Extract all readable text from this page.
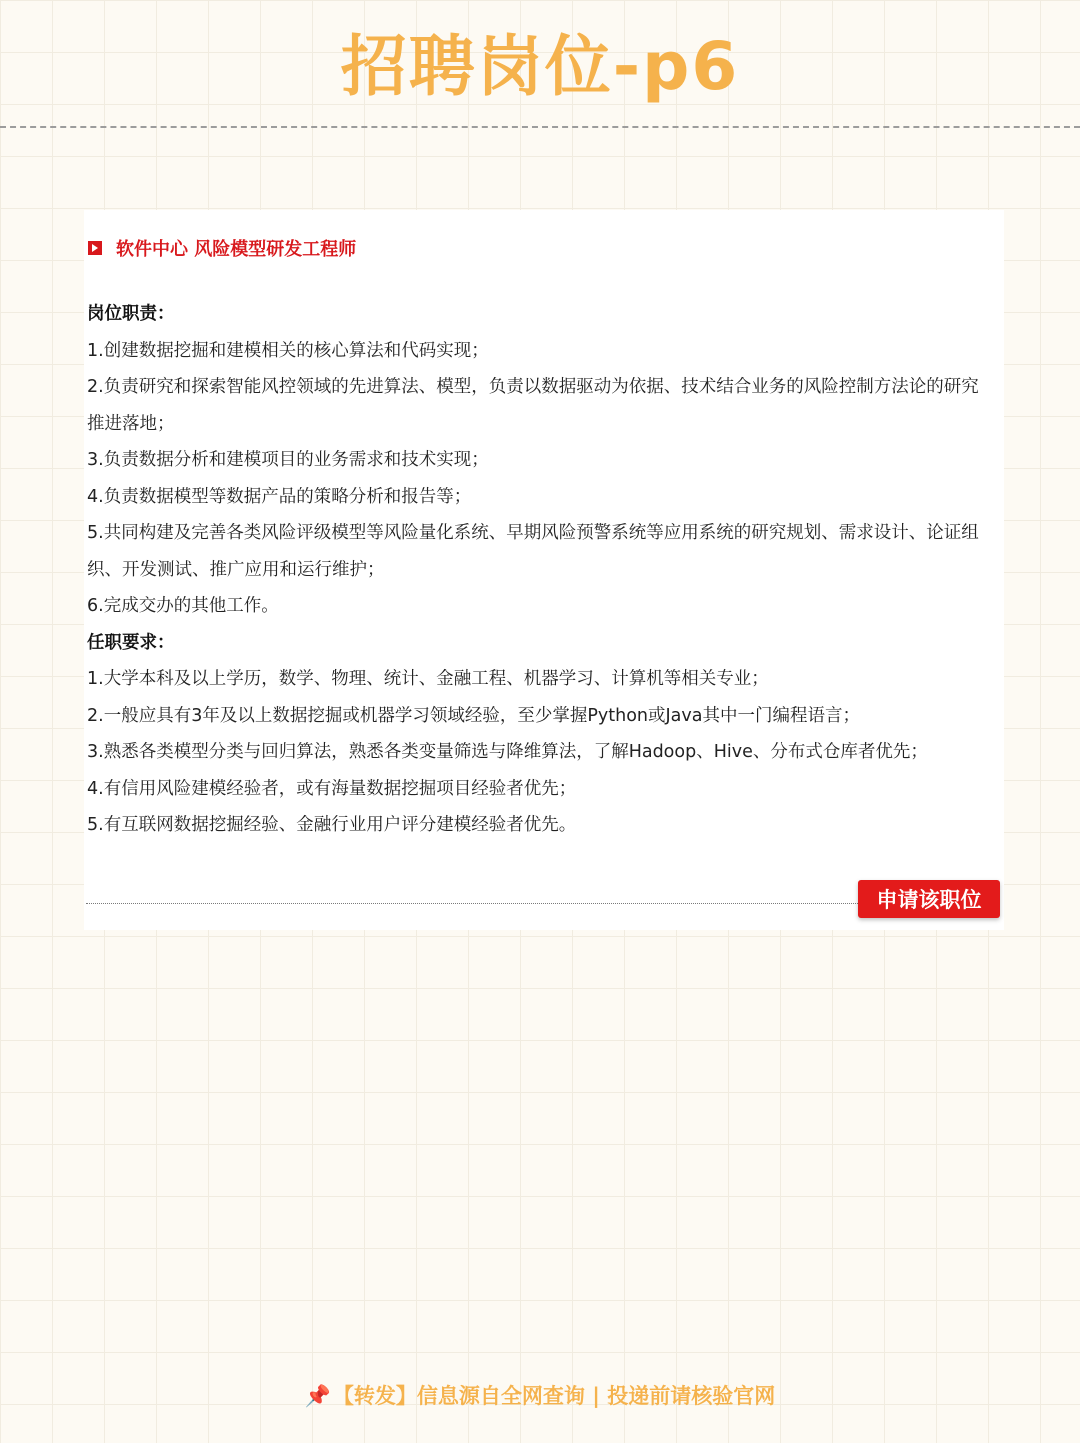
招聘岗位-p6
软件中心 风险模型研发工程师

岗位职责：

1.创建数据挖掘和建模相关的核心算法和代码实现；

2.负责研究和探索智能风控领域的先进算法、模型，负责以数据驱动为依据、技术结合业务的风险控制方法论的研究推进落地；

3.负责数据分析和建模项目的业务需求和技术实现；

4.负责数据模型等数据产品的策略分析和报告等；

5.共同构建及完善各类风险评级模型等风险量化系统、早期风险预警系统等应用系统的研究规划、需求设计、论证组织、开发测试、推广应用和运行维护；

6.完成交办的其他工作。

任职要求：

1.大学本科及以上学历，数学、物理、统计、金融工程、机器学习、计算机等相关专业；

2.一般应具有3年及以上数据挖掘或机器学习领域经验，至少掌握Python或Java其中一门编程语言；

3.熟悉各类模型分类与回归算法，熟悉各类变量筛选与降维算法，了解Hadoop、Hive、分布式仓库者优先；

4.有信用风险建模经验者，或有海量数据挖掘项目经验者优先；

5.有互联网数据挖掘经验、金融行业用户评分建模经验者优先。

申请该职位
📌【转发】信息源自全网查询 | 投递前请核验官网
